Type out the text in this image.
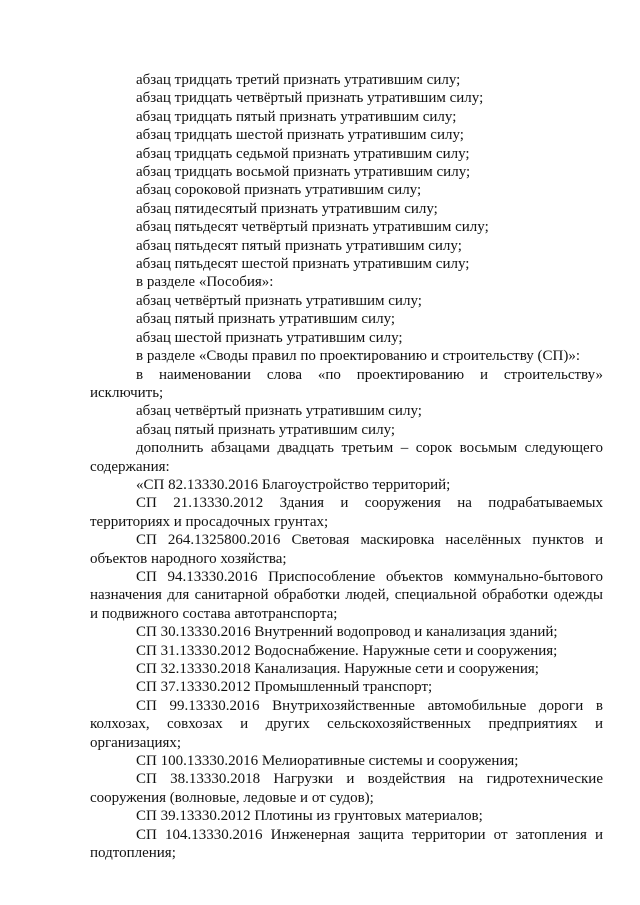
абзац тридцать третий признать утратившим силу;

абзац тридцать четвёртый признать утратившим силу;

абзац тридцать пятый признать утратившим силу;

абзац тридцать шестой признать утратившим силу;

абзац тридцать седьмой признать утратившим силу;

абзац тридцать восьмой признать утратившим силу;

абзац сороковой признать утратившим силу;

абзац пятидесятый признать утратившим силу;

абзац пятьдесят четвёртый признать утратившим силу;

абзац пятьдесят пятый признать утратившим силу;

абзац пятьдесят шестой признать утратившим силу;

в разделе «Пособия»:

абзац четвёртый признать утратившим силу;

абзац пятый признать утратившим силу;

абзац шестой признать утратившим силу;

в разделе «Своды правил по проектированию и строительству (СП)»:

в наименовании слова «по проектированию и строительству» исключить;

абзац четвёртый признать утратившим силу;

абзац пятый признать утратившим силу;

дополнить абзацами двадцать третьим – сорок восьмым следующего содержания:

«СП 82.13330.2016 Благоустройство территорий;

СП 21.13330.2012 Здания и сооружения на подрабатываемых территориях и просадочных грунтах;

СП 264.1325800.2016 Световая маскировка населённых пунктов и объектов народного хозяйства;

СП 94.13330.2016 Приспособление объектов коммунально-бытового назначения для санитарной обработки людей, специальной обработки одежды и подвижного состава автотранспорта;

СП 30.13330.2016 Внутренний водопровод и канализация зданий;

СП 31.13330.2012 Водоснабжение. Наружные сети и сооружения;

СП 32.13330.2018 Канализация. Наружные сети и сооружения;

СП 37.13330.2012 Промышленный транспорт;

СП 99.13330.2016 Внутрихозяйственные автомобильные дороги в колхозах, совхозах и других сельскохозяйственных предприятиях и организациях;

СП 100.13330.2016 Мелиоративные системы и сооружения;

СП 38.13330.2018 Нагрузки и воздействия на гидротехнические сооружения (волновые, ледовые и от судов);

СП 39.13330.2012 Плотины из грунтовых материалов;

СП 104.13330.2016 Инженерная защита территории от затопления и подтопления;
